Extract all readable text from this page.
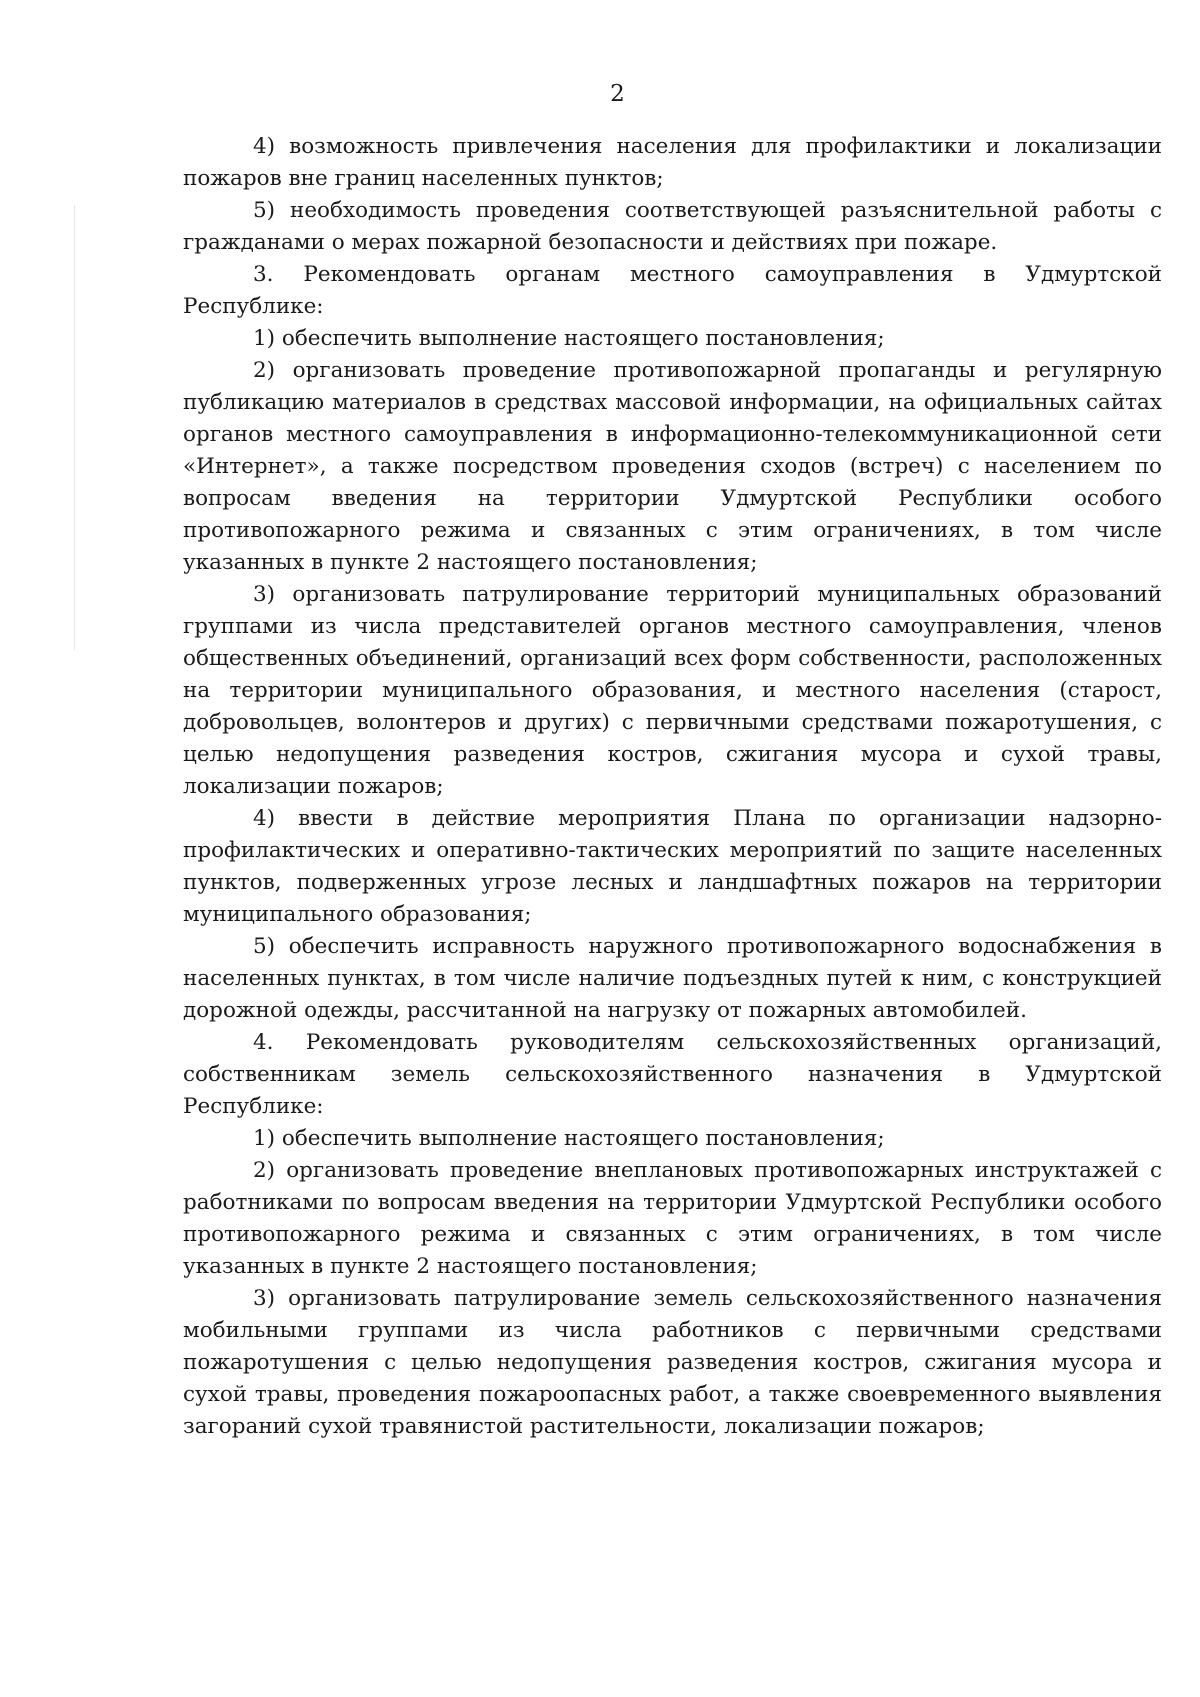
2

4) возможность привлечения населения для профилактики и локализации пожаров вне границ населенных пунктов;

5) необходимость проведения соответствующей разъяснительной работы с гражданами о мерах пожарной безопасности и действиях при пожаре.

3. Рекомендовать органам местного самоуправления в Удмуртской Республике:

1) обеспечить выполнение настоящего постановления;

2) организовать проведение противопожарной пропаганды и регулярную публикацию материалов в средствах массовой информации, на официальных сайтах органов местного самоуправления в информационно-телекоммуникационной сети «Интернет», а также посредством проведения сходов (встреч) с населением по вопросам введения на территории Удмуртской Республики особого противопожарного режима и связанных с этим ограничениях, в том числе указанных в пункте 2 настоящего постановления;

3) организовать патрулирование территорий муниципальных образований группами из числа представителей органов местного самоуправления, членов общественных объединений, организаций всех форм собственности, расположенных на территории муниципального образования, и местного населения (старост, добровольцев, волонтеров и других) с первичными средствами пожаротушения, с целью недопущения разведения костров, сжигания мусора и сухой травы, локализации пожаров;

4) ввести в действие мероприятия Плана по организации надзорно-профилактических и оперативно-тактических мероприятий по защите населенных пунктов, подверженных угрозе лесных и ландшафтных пожаров на территории муниципального образования;

5) обеспечить исправность наружного противопожарного водоснабжения в населенных пунктах, в том числе наличие подъездных путей к ним, с конструкцией дорожной одежды, рассчитанной на нагрузку от пожарных автомобилей.

4. Рекомендовать руководителям сельскохозяйственных организаций, собственникам земель сельскохозяйственного назначения в Удмуртской Республике:

1) обеспечить выполнение настоящего постановления;

2) организовать проведение внеплановых противопожарных инструктажей с работниками по вопросам введения на территории Удмуртской Республики особого противопожарного режима и связанных с этим ограничениях, в том числе указанных в пункте 2 настоящего постановления;

3) организовать патрулирование земель сельскохозяйственного назначения мобильными группами из числа работников с первичными средствами пожаротушения с целью недопущения разведения костров, сжигания мусора и сухой травы, проведения пожароопасных работ, а также своевременного выявления загораний сухой травянистой растительности, локализации пожаров;
